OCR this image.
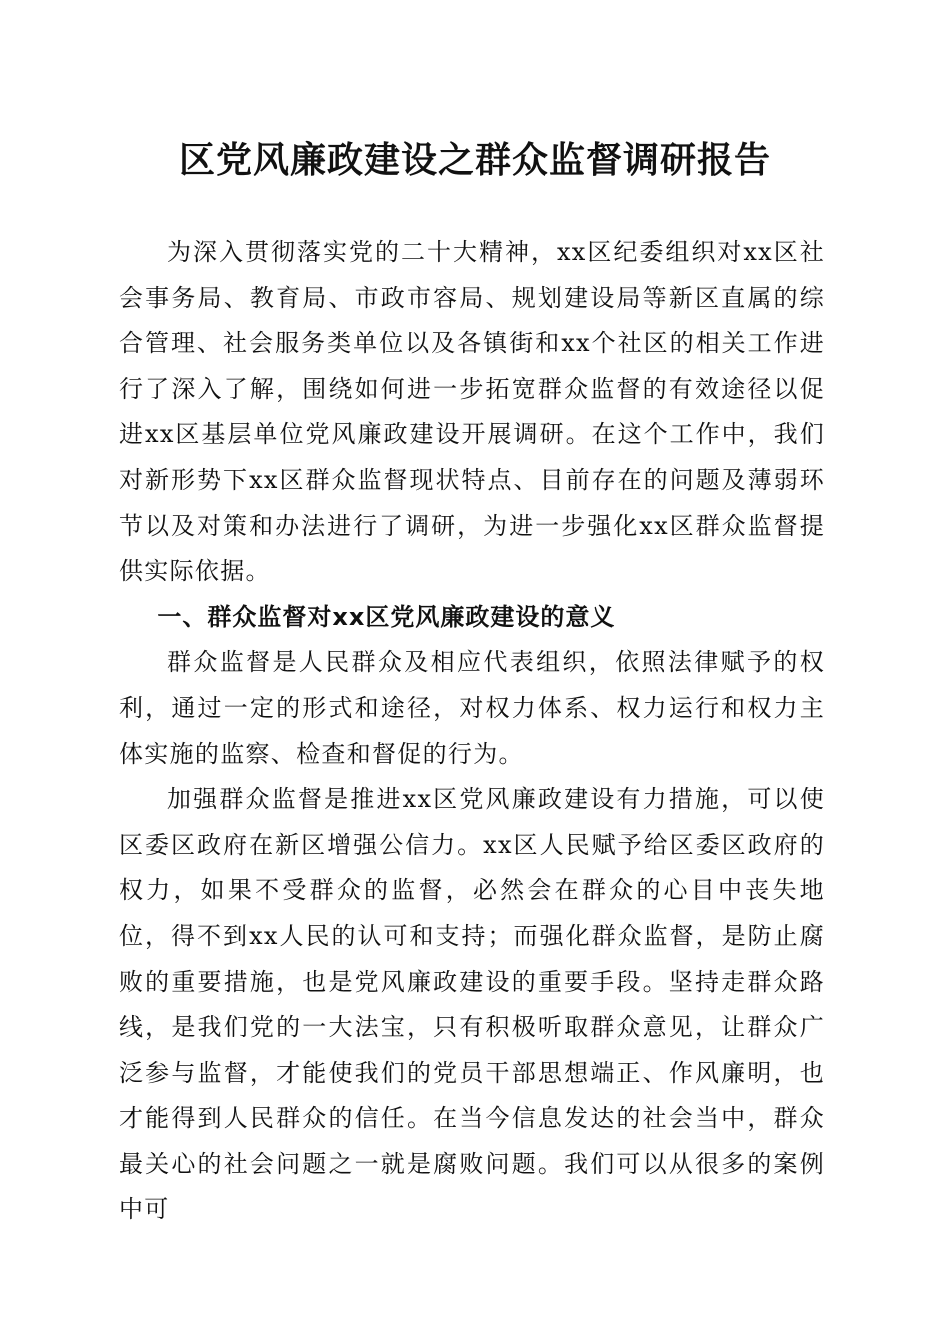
区党风廉政建设之群众监督调研报告

为深入贯彻落实党的二十大精神，xx区纪委组织对xx区社会事务局、教育局、市政市容局、规划建设局等新区直属的综合管理、社会服务类单位以及各镇街和xx个社区的相关工作进行了深入了解，围绕如何进一步拓宽群众监督的有效途径以促进xx区基层单位党风廉政建设开展调研。在这个工作中，我们对新形势下xx区群众监督现状特点、目前存在的问题及薄弱环节以及对策和办法进行了调研，为进一步强化xx区群众监督提供实际依据。

一、群众监督对xx区党风廉政建设的意义

群众监督是人民群众及相应代表组织，依照法律赋予的权利，通过一定的形式和途径，对权力体系、权力运行和权力主体实施的监察、检查和督促的行为。

加强群众监督是推进xx区党风廉政建设有力措施，可以使区委区政府在新区增强公信力。xx区人民赋予给区委区政府的权力，如果不受群众的监督，必然会在群众的心目中丧失地位，得不到xx人民的认可和支持；而强化群众监督，是防止腐败的重要措施，也是党风廉政建设的重要手段。坚持走群众路线，是我们党的一大法宝，只有积极听取群众意见，让群众广泛参与监督，才能使我们的党员干部思想端正、作风廉明，也才能得到人民群众的信任。在当今信息发达的社会当中，群众最关心的社会问题之一就是腐败问题。我们可以从很多的案例中可
